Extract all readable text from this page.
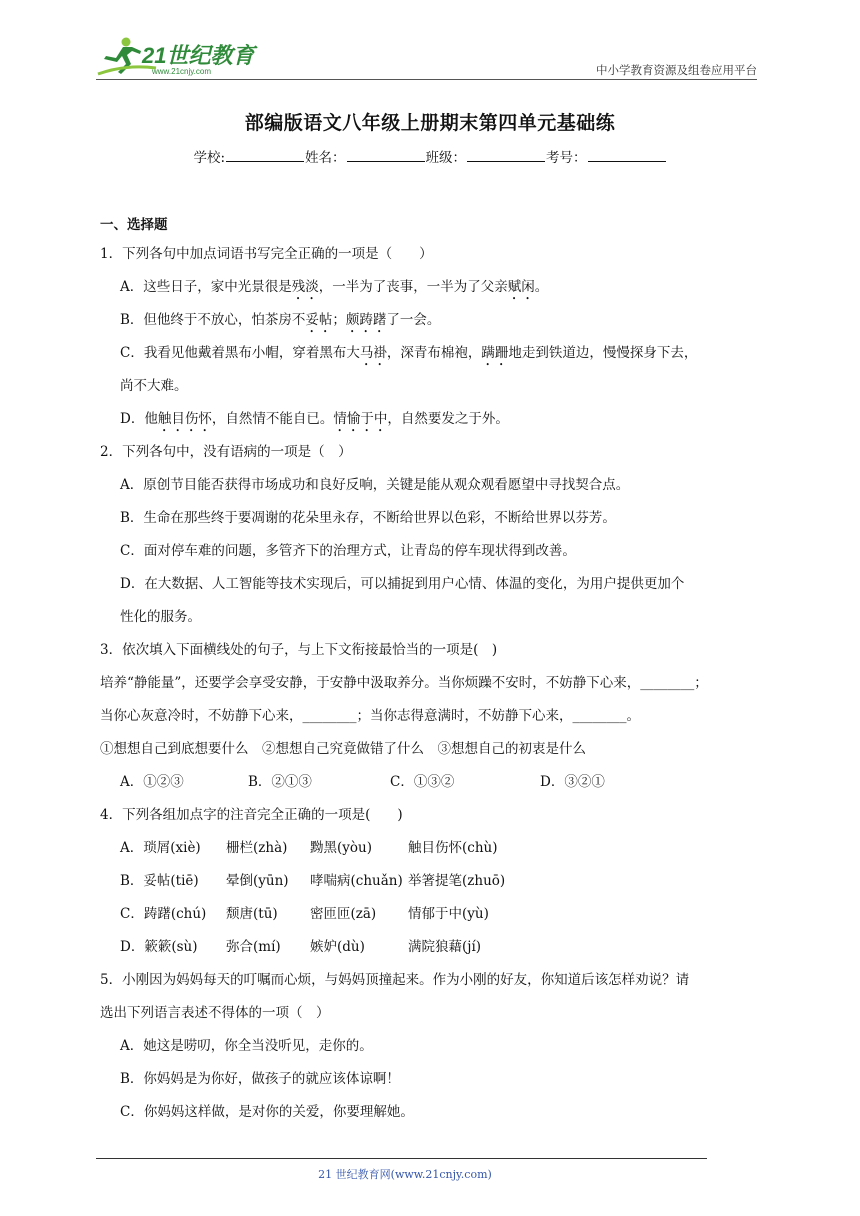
21世纪教育
www.21cnjy.com	中小学教育资源及组卷应用平台
部编版语文八年级上册期末第四单元基础练
学校:	姓名：	班级：	考号：
一、选择题
1．下列各句中加点词语书写完全正确的一项是（　　）
A．这些日子，家中光景很是残淡，一半为了丧事，一半为了父亲赋闲。
B．但他终于不放心，怕茶房不妥帖；颇踌躇了一会。
C．我看见他戴着黑布小帽，穿着黑布大马褂，深青布棉袍，蹒跚地走到铁道边，慢慢探身下去，
尚不大难。
D．他触目伤怀，自然情不能自已。情愉于中，自然要发之于外。
2．下列各句中，没有语病的一项是（　）
A．原创节目能否获得市场成功和良好反响，关键是能从观众观看愿望中寻找契合点。
B．生命在那些终于要凋谢的花朵里永存，不断给世界以色彩，不断给世界以芬芳。
C．面对停车难的问题，多管齐下的治理方式，让青岛的停车现状得到改善。
D．在大数据、人工智能等技术实现后，可以捕捉到用户心情、体温的变化，为用户提供更加个
性化的服务。
3．依次填入下面横线处的句子，与上下文衔接最恰当的一项是(　)
培养“静能量”，还要学会享受安静，于安静中汲取养分。当你烦躁不安时，不妨静下心来，________；
当你心灰意冷时，不妨静下心来，________；当你志得意满时，不妨静下心来，________。
①想想自己到底想要什么　②想想自己究竟做错了什么　③想想自己的初衷是什么
A．①②③	B．②①③	C．①③②	D．③②①
4．下列各组加点字的注音完全正确的一项是(　　)
A．琐屑(xiè) 栅栏(zhà) 黝黑(yòu)	触目伤怀(chù)
B．妥帖(tiē) 晕倒(yūn) 哮喘病(chuǎn) 举箸提笔(zhuō)
C．踌躇(chú) 颓唐(tū) 密匝匝(zā) 情郁于中(yù)
D．簌簌(sù) 弥合(mí) 嫉妒(dù)	满院狼藉(jí)
5．小刚因为妈妈每天的叮嘱而心烦，与妈妈顶撞起来。作为小刚的好友，你知道后该怎样劝说？请
选出下列语言表述不得体的一项（　）
A．她这是唠叨，你全当没听见，走你的。
B．你妈妈是为你好，做孩子的就应该体谅啊！
C．你妈妈这样做，是对你的关爱，你要理解她。
21 世纪教育网(www.21cnjy.com)
